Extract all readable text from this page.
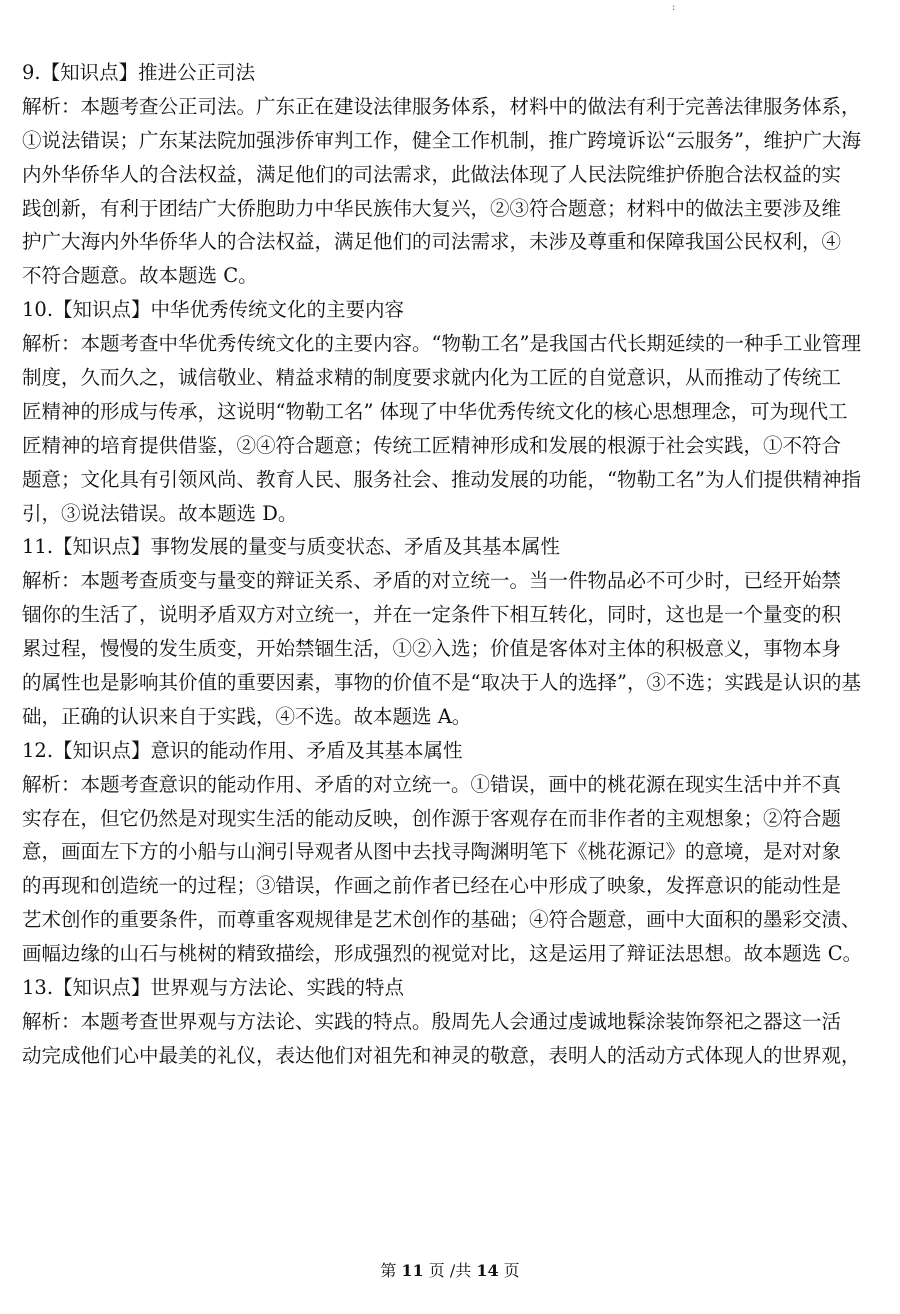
:
9.【知识点】推进公正司法
解析：本题考查公正司法。广东正在建设法律服务体系，材料中的做法有利于完善法律服务体系，
①说法错误；广东某法院加强涉侨审判工作，健全工作机制，推广跨境诉讼“云服务”，维护广大海
内外华侨华人的合法权益，满足他们的司法需求，此做法体现了人民法院维护侨胞合法权益的实
践创新，有利于团结广大侨胞助力中华民族伟大复兴，②③符合题意；材料中的做法主要涉及维
护广大海内外华侨华人的合法权益，满足他们的司法需求，未涉及尊重和保障我国公民权利，④
不符合题意。故本题选 C。
10.【知识点】中华优秀传统文化的主要内容
解析：本题考查中华优秀传统文化的主要内容。“物勒工名”是我国古代长期延续的一种手工业管理
制度，久而久之，诚信敬业、精益求精的制度要求就内化为工匠的自觉意识，从而推动了传统工
匠精神的形成与传承，这说明“物勒工名” 体现了中华优秀传统文化的核心思想理念，可为现代工
匠精神的培育提供借鉴，②④符合题意；传统工匠精神形成和发展的根源于社会实践，①不符合
题意；文化具有引领风尚、教育人民、服务社会、推动发展的功能，“物勒工名”为人们提供精神指
引，③说法错误。故本题选 D。
11.【知识点】事物发展的量变与质变状态、矛盾及其基本属性
解析：本题考查质变与量变的辩证关系、矛盾的对立统一。当一件物品必不可少时，已经开始禁
锢你的生活了，说明矛盾双方对立统一，并在一定条件下相互转化，同时，这也是一个量变的积
累过程，慢慢的发生质变，开始禁锢生活，①②入选；价值是客体对主体的积极意义，事物本身
的属性也是影响其价值的重要因素，事物的价值不是“取决于人的选择”，③不选；实践是认识的基
础，正确的认识来自于实践，④不选。故本题选 A。
12.【知识点】意识的能动作用、矛盾及其基本属性
解析：本题考查意识的能动作用、矛盾的对立统一。①错误，画中的桃花源在现实生活中并不真
实存在，但它仍然是对现实生活的能动反映，创作源于客观存在而非作者的主观想象；②符合题
意，画面左下方的小船与山涧引导观者从图中去找寻陶渊明笔下《桃花源记》的意境，是对对象
的再现和创造统一的过程；③错误，作画之前作者已经在心中形成了映象，发挥意识的能动性是
艺术创作的重要条件，而尊重客观规律是艺术创作的基础；④符合题意，画中大面积的墨彩交渍、
画幅边缘的山石与桃树的精致描绘，形成强烈的视觉对比，这是运用了辩证法思想。故本题选 C。
13.【知识点】世界观与方法论、实践的特点
解析：本题考查世界观与方法论、实践的特点。殷周先人会通过虔诚地髹涂装饰祭祀之器这一活
动完成他们心中最美的礼仪，表达他们对祖先和神灵的敬意，表明人的活动方式体现人的世界观，
第 11 页 /共 14 页
